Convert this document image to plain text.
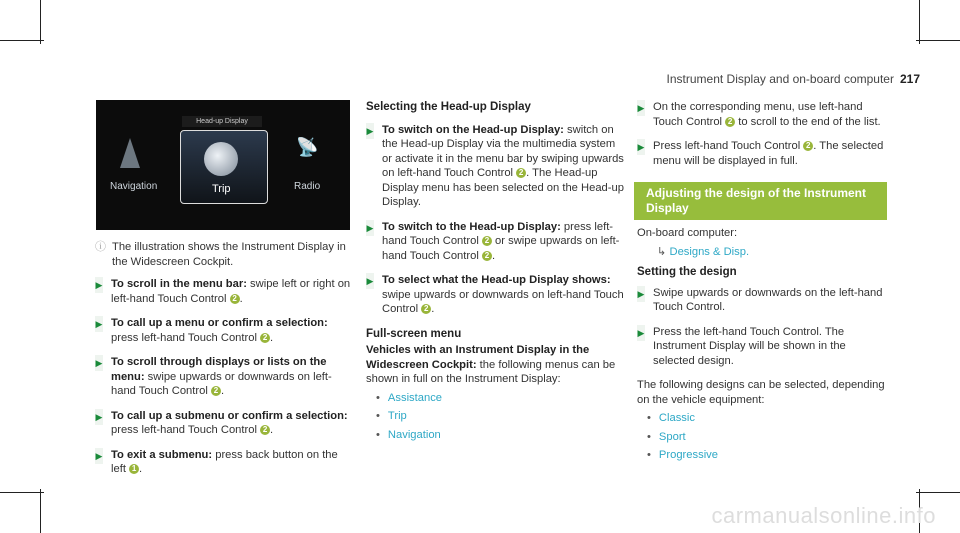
Instrument Display and on-board computer 217
Head-up Display
📡
Navigation	Trip	Radio
ⓘ The illustration shows the Instrument Display in the Widescreen Cockpit.
▶ To scroll in the menu bar: swipe left or right on left-hand Touch Control 2 .
▶ To call up a menu or confirm a selection: press left-hand Touch Control 2 .
▶ To scroll through displays or lists on the menu: swipe upwards or downwards on left-hand Touch Control 2 .
▶ To call up a submenu or confirm a selection: press left-hand Touch Control 2 .
▶ To exit a submenu: press back button on the left 1 .
Selecting the Head-up Display
▶ To switch on the Head-up Display: switch on the Head-up Display via the multimedia system or activate it in the menu bar by swiping upwards on left-hand Touch Control 2 . The Head-up Display menu has been selected on the Head-up Display.
▶ To switch to the Head-up Display: press left-hand Touch Control 2 or swipe upwards on left-hand Touch Control 2 .
▶ To select what the Head-up Display shows: swipe upwards or downwards on left-hand Touch Control 2 .
Full-screen menu
Vehicles with an Instrument Display in the Widescreen Cockpit: the following menus can be shown in full on the Instrument Display:
• Assistance
• Trip
• Navigation
▶ On the corresponding menu, use left-hand Touch Control 2 to scroll to the end of the list.
▶ Press left-hand Touch Control 2 . The selected menu will be displayed in full.
Adjusting the design of the Instrument Display
On-board computer:
↳ Designs & Disp.
Setting the design
▶ Swipe upwards or downwards on the left-hand Touch Control.
▶ Press the left-hand Touch Control. The Instrument Display will be shown in the selected design.
The following designs can be selected, depending on the vehicle equipment:
• Classic
• Sport
• Progressive
carmanualsonline.info
